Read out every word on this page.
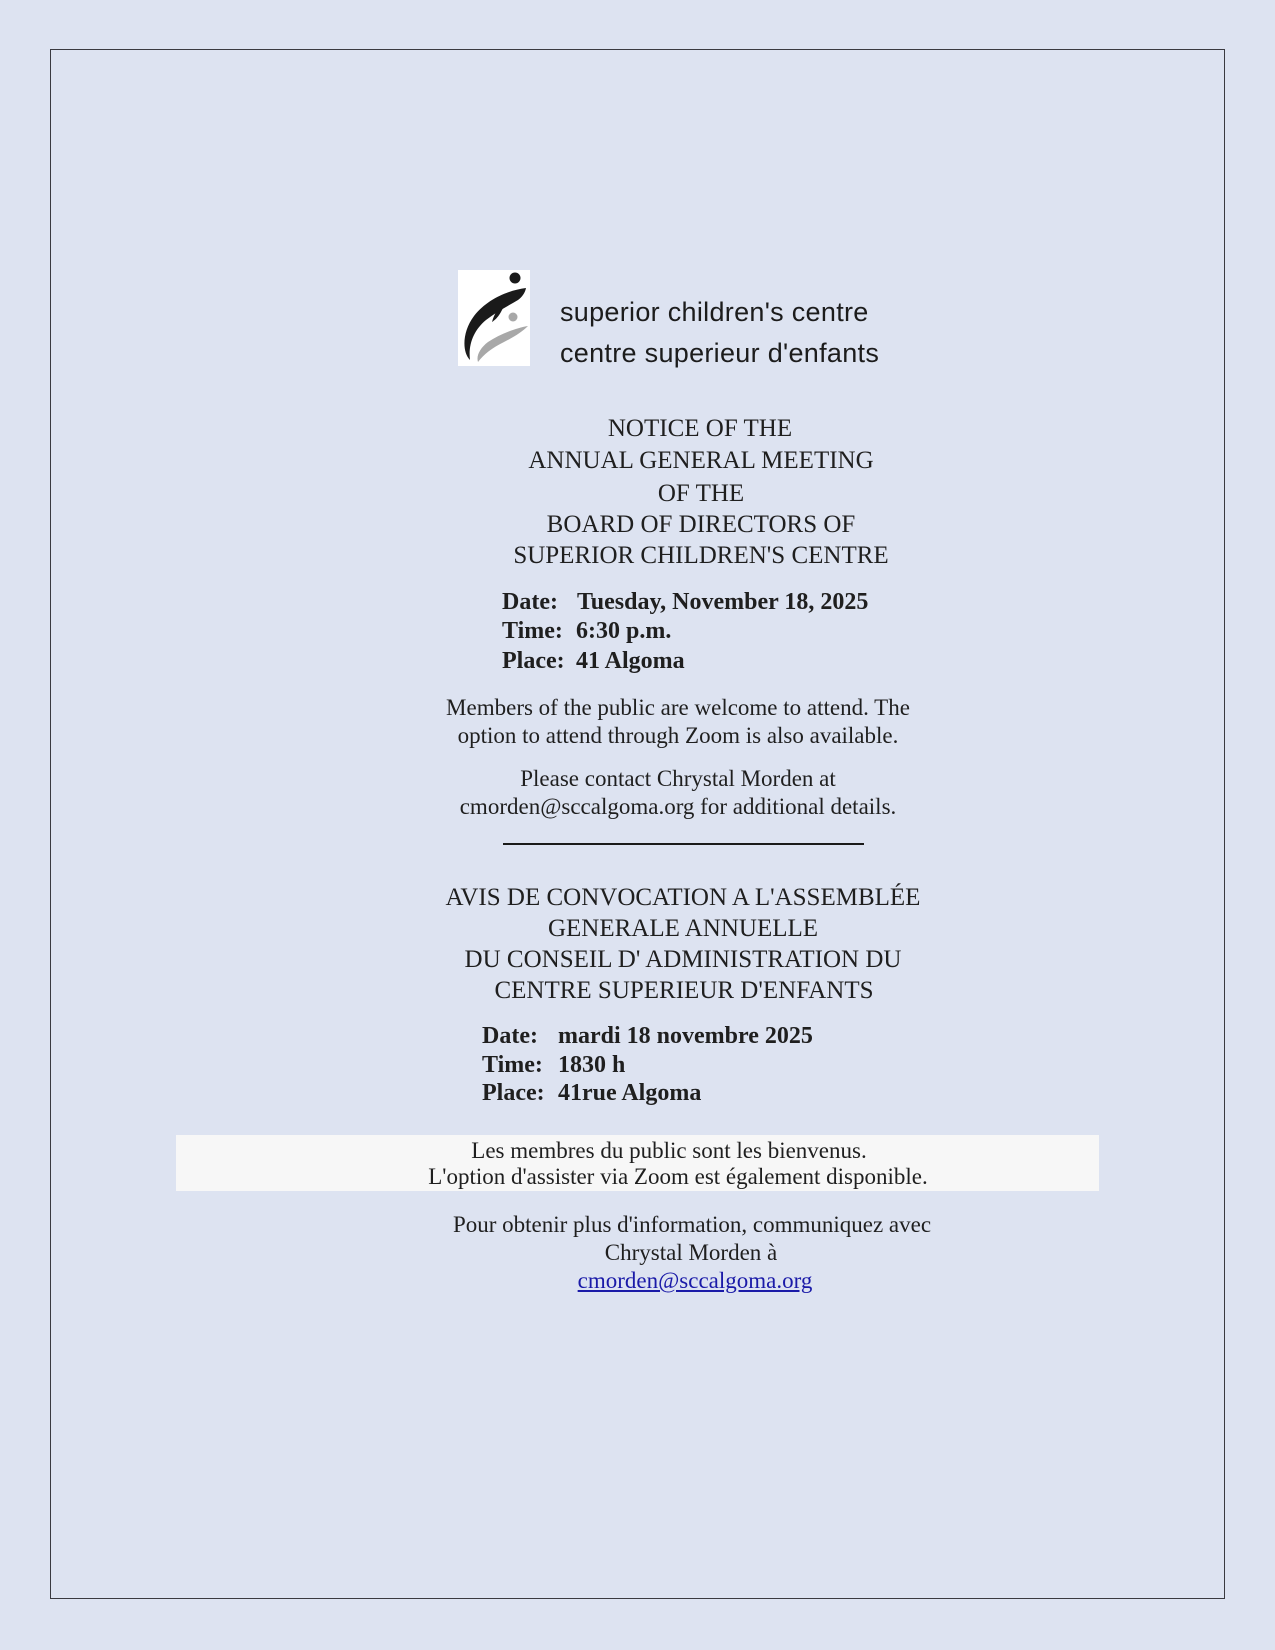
superior children's centre
centre superieur d'enfants
NOTICE OF THE
ANNUAL GENERAL MEETING
OF THE
BOARD OF DIRECTORS OF
SUPERIOR CHILDREN'S CENTRE
Date: Tuesday, November 18, 2025
Time: 6:30 p.m.
Place: 41 Algoma
Members of the public are welcome to attend. The
option to attend through Zoom is also available.
Please contact Chrystal Morden at
cmorden@sccalgoma.org for additional details.
AVIS DE CONVOCATION A L'ASSEMBLÉE
GENERALE ANNUELLE
DU CONSEIL D' ADMINISTRATION DU
CENTRE SUPERIEUR D'ENFANTS
Date: mardi 18 novembre 2025
Time: 1830 h
Place: 41rue Algoma
Les membres du public sont les bienvenus.
L'option d'assister via Zoom est également disponible.
Pour obtenir plus d'information, communiquez avec
Chrystal Morden à
cmorden@sccalgoma.org
